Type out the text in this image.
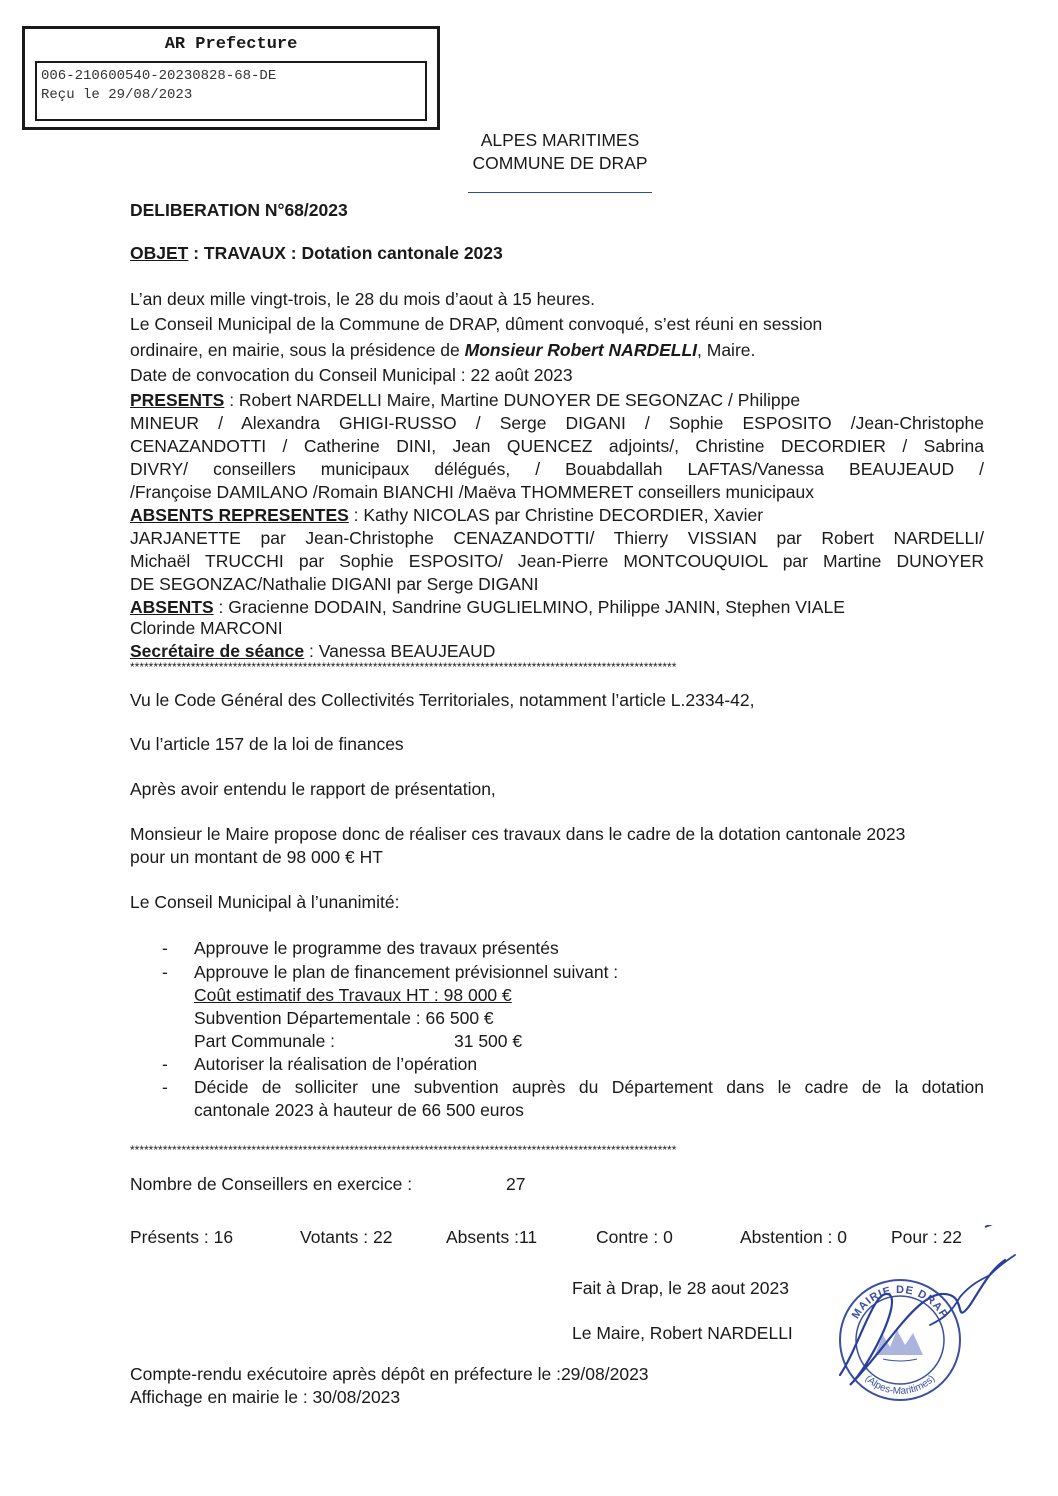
AR Prefecture
006-210600540-20230828-68-DE
Reçu le 29/08/2023
ALPES MARITIMES
COMMUNE DE DRAP
DELIBERATION N°68/2023
OBJET : TRAVAUX : Dotation cantonale 2023
L’an deux mille vingt-trois, le 28 du mois d’aout à 15 heures.
Le Conseil Municipal de la Commune de DRAP, dûment convoqué, s’est réuni en session
ordinaire, en mairie, sous la présidence de Monsieur Robert NARDELLI, Maire.
Date de convocation du Conseil Municipal : 22 août 2023
PRESENTS : Robert NARDELLI Maire, Martine DUNOYER DE SEGONZAC / Philippe
MINEUR / Alexandra GHIGI-RUSSO / Serge DIGANI / Sophie ESPOSITO /Jean-Christophe
CENAZANDOTTI / Catherine DINI, Jean QUENCEZ adjoints/, Christine DECORDIER / Sabrina
DIVRY/ conseillers municipaux délégués, / Bouabdallah LAFTAS/Vanessa BEAUJEAUD /
/Françoise DAMILANO /Romain BIANCHI /Maëva THOMMERET conseillers municipaux
ABSENTS REPRESENTES : Kathy NICOLAS par Christine DECORDIER, Xavier
JARJANETTE par Jean-Christophe CENAZANDOTTI/ Thierry VISSIAN par Robert NARDELLI/
Michaël TRUCCHI par Sophie ESPOSITO/ Jean-Pierre MONTCOUQUIOL par Martine DUNOYER
DE SEGONZAC/Nathalie DIGANI par Serge DIGANI
ABSENTS : Gracienne DODAIN, Sandrine GUGLIELMINO, Philippe JANIN, Stephen VIALE
Clorinde MARCONI
Secrétaire de séance : Vanessa BEAUJEAUD
*********************************************************************************************************************
Vu le Code Général des Collectivités Territoriales, notamment l’article L.2334-42,
Vu l’article 157 de la loi de finances
Après avoir entendu le rapport de présentation,
Monsieur le Maire propose donc de réaliser ces travaux dans le cadre de la dotation cantonale 2023
pour un montant de 98 000 € HT
Le Conseil Municipal à l’unanimité:
- Approuve le programme des travaux présentés
- Approuve le plan de financement prévisionnel suivant :
Coût estimatif des Travaux HT : 98 000 €
Subvention Départementale : 66 500 €
Part Communale :	31 500 €
- Autoriser la réalisation de l’opération
- Décide de solliciter une subvention auprès du Département dans le cadre de la dotation
cantonale 2023 à hauteur de 66 500 euros
*********************************************************************************************************************
Nombre de Conseillers en exercice :	27
Présents : 16	Votants : 22	Absents :11	Contre : 0	Abstention : 0	Pour : 22
Fait à Drap, le 28 aout 2023
Le Maire, Robert NARDELLI
MAIRIE DE DRAP
(Alpes-Maritimes)
Compte-rendu exécutoire après dépôt en préfecture le :29/08/2023
Affichage en mairie le : 30/08/2023
